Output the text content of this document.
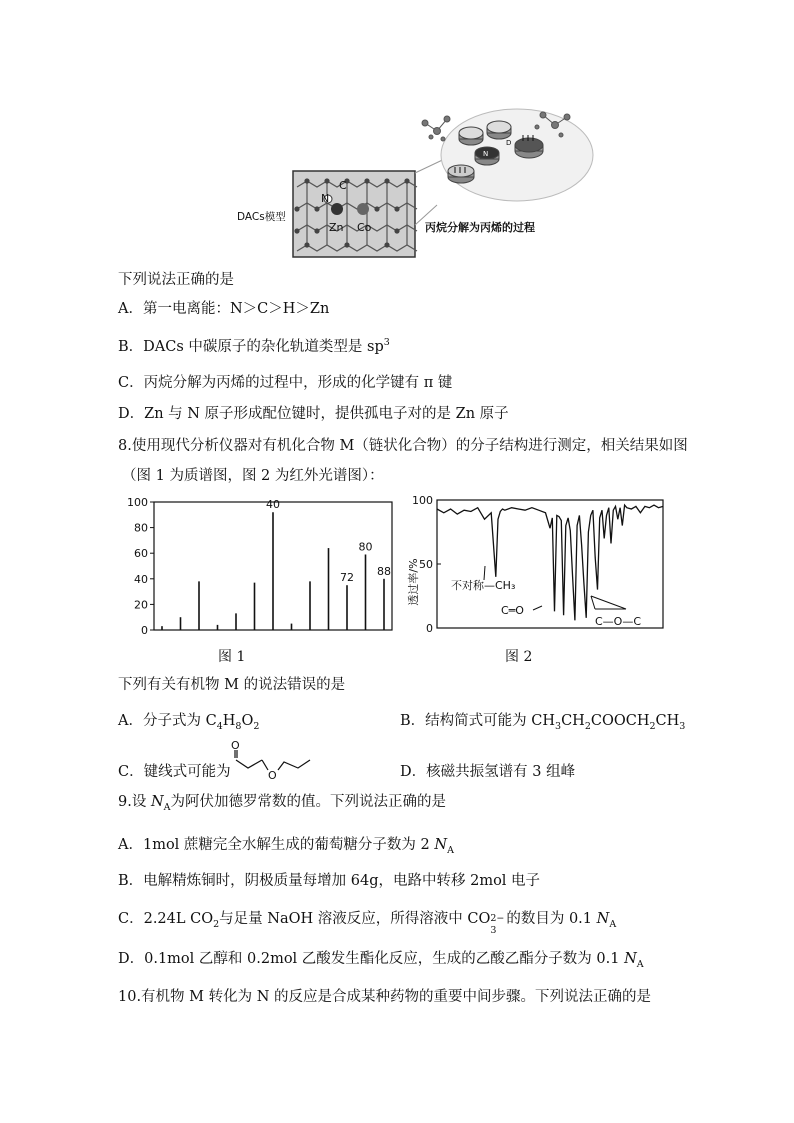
C
N
Zn Co
DACs模型
D
N
丙烷分解为丙烯的过程
下列说法正确的是
A．第一电离能：N＞C＞H＞Zn
B．DACs 中碳原子的杂化轨道类型是 $sp^3$
C．丙烷分解为丙烯的过程中，形成的化学键有 π 键
D．Zn 与 N 原子形成配位键时，提供孤电子对的是 Zn 原子
8.使用现代分析仪器对有机化合物 M（链状化合物）的分子结构进行测定，相关结果如图
（图 1 为质谱图，图 2 为红外光谱图）：
0
20
40
60
80
100	40
72
80
88
0
50
100
透过率/%	不对称—CH₃
C═O
C—O—C
图 1	图 2
下列有关有机物 M 的说法错误的是
A．分子式为 $C_4H_8O_2$	B．结构简式可能为 $CH_3CH_2COOCH_2CH_3$
C．键线式可能为
O
O	D．核磁共振氢谱有 3 组峰
9.设 $N_A$为阿伏加德罗常数的值。下列说法正确的是
A．1mol 蔗糖完全水解生成的葡萄糖分子数为 2 $N_A$
B．电解精炼铜时，阴极质量每增加 64g，电路中转移 2mol 电子
C．2.24L $CO_2$与足量 NaOH 溶液反应，所得溶液中 CO 2−
3
的数目为 0.1 $N_A$
D．0.1mol 乙醇和 0.2mol 乙酸发生酯化反应，生成的乙酸乙酯分子数为 0.1 $N_A$
10.有机物 M 转化为 N 的反应是合成某种药物的重要中间步骤。下列说法正确的是
